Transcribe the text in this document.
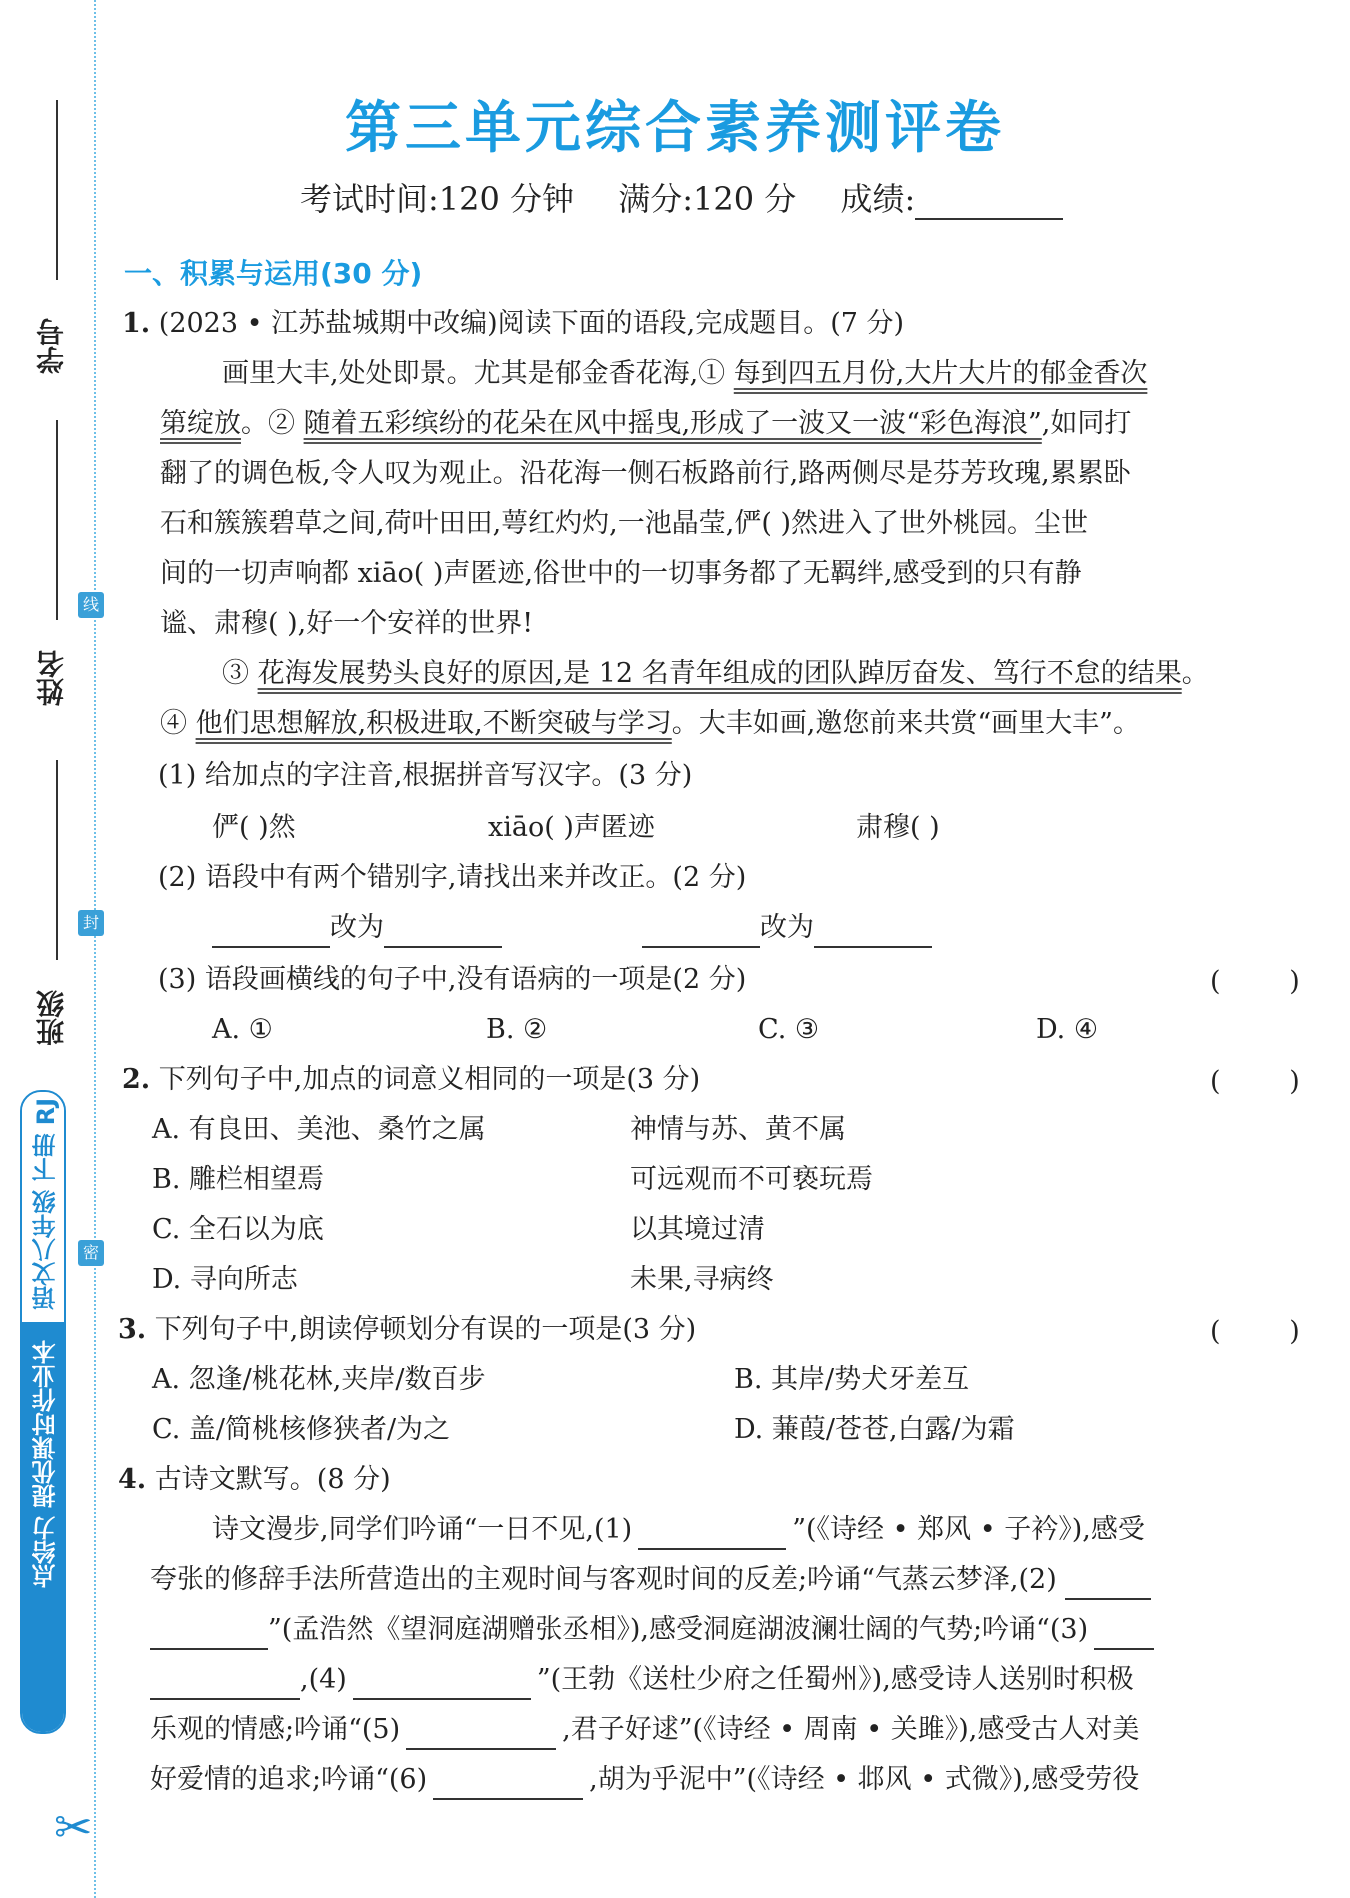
学号
姓名
班级
线
封
密
语文八年级 下册 RJ
点给力 提优课时作业本
✂
第三单元综合素养测评卷
考试时间:120 分钟 满分:120 分 成绩:
一、积累与运用(30 分)
1. (2023 • 江苏盐城期中改编)阅读下面的语段,完成题目。(7 分)
画里大丰,处处即景。尤其是郁金香花海,① 每到四五月份,大片大片的郁金香次
第绽放。② 随着五彩缤纷的花朵在风中摇曳,形成了一波又一波“彩色海浪”,如同打
翻了的调色板,令人叹为观止。沿花海一侧石板路前行,路两侧尽是芬芳玫瑰,累累卧
石和簇簇碧草之间,荷叶田田,萼红灼灼,一池晶莹,俨( )然进入了世外桃园。尘世
间的一切声响都 xiāo( )声匿迹,俗世中的一切事务都了无羁绊,感受到的只有静
谧、肃穆( ),好一个安祥的世界!
③ 花海发展势头良好的原因,是 12 名青年组成的团队踔厉奋发、笃行不怠的结果。
④ 他们思想解放,积极进取,不断突破与学习。大丰如画,邀您前来共赏“画里大丰”。
(1) 给加点的字注音,根据拼音写汉字。(3 分)
俨( )然	xiāo( )声匿迹	肃穆( )
(2) 语段中有两个错别字,请找出来并改正。(2 分)
改为	改为
(3) 语段画横线的句子中,没有语病的一项是(2 分)	(        )
A. ①	B. ②	C. ③	D. ④
2. 下列句子中,加点的词意义相同的一项是(3 分)	(        )
A. 有良田、美池、桑竹之属	神情与苏、黄不属
B. 雕栏相望焉	可远观而不可亵玩焉
C. 全石以为底	以其境过清
D. 寻向所志	未果,寻病终
3. 下列句子中,朗读停顿划分有误的一项是(3 分)	(        )
A. 忽逢/桃花林,夹岸/数百步	B. 其岸/势犬牙差互
C. 盖/简桃核修狭者/为之	D. 蒹葭/苍苍,白露/为霜
4. 古诗文默写。(8 分)
诗文漫步,同学们吟诵“一日不见,(1)	”(《诗经 • 郑风 • 子衿》),感受
夸张的修辞手法所营造出的主观时间与客观时间的反差;吟诵“气蒸云梦泽,(2)
”(孟浩然《望洞庭湖赠张丞相》),感受洞庭湖波澜壮阔的气势;吟诵“(3)
,(4)	”(王勃《送杜少府之任蜀州》),感受诗人送别时积极
乐观的情感;吟诵“(5)	,君子好逑”(《诗经 • 周南 • 关雎》),感受古人对美
好爱情的追求;吟诵“(6)	,胡为乎泥中”(《诗经 • 邶风 • 式微》),感受劳役
